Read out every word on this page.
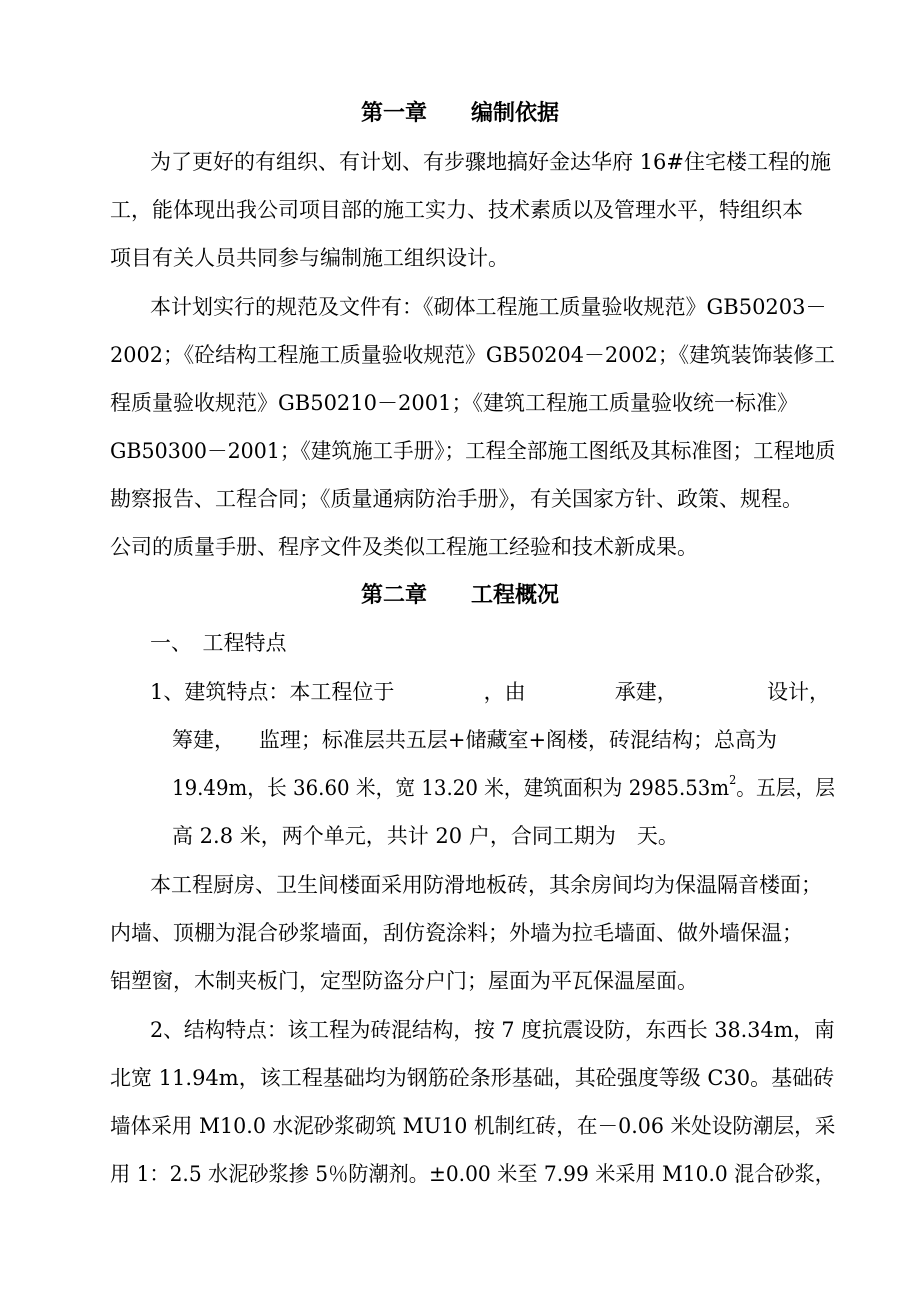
第一章　　编制依据
为了更好的有组织、有计划、有步骤地搞好金达华府 16#住宅楼工程的施
工，能体现出我公司项目部的施工实力、技术素质以及管理水平，特组织本
项目有关人员共同参与编制施工组织设计。
本计划实行的规范及文件有：《砌体工程施工质量验收规范》GB50203－
2002；《砼结构工程施工质量验收规范》GB50204－2002；《建筑装饰装修工
程质量验收规范》GB50210－2001；《建筑工程施工质量验收统一标准》
GB50300－2001；《建筑施工手册》；工程全部施工图纸及其标准图；工程地质
勘察报告、工程合同；《质量通病防治手册》，有关国家方针、政策、规程。
公司的质量手册、程序文件及类似工程施工经验和技术新成果。
第二章　　工程概况
一、　工程特点
1、建筑特点：本工程位于	，由	承建，	设计，
筹建，　  监理；标准层共五层+储藏室+阁楼，砖混结构；总高为
19.49m，长 36.60 米，宽 13.20 米，建筑面积为 $2985.53m^2$。五层，层
高 2.8 米，两个单元，共计 20 户，合同工期为　天。
本工程厨房、卫生间楼面采用防滑地板砖，其余房间均为保温隔音楼面；
内墙、顶棚为混合砂浆墙面，刮仿瓷涂料；外墙为拉毛墙面、做外墙保温；
铝塑窗，木制夹板门，定型防盗分户门；屋面为平瓦保温屋面。
2、结构特点：该工程为砖混结构，按 7 度抗震设防，东西长 38.34m，南
北宽 11.94m，该工程基础均为钢筋砼条形基础，其砼强度等级 C30。基础砖
墙体采用 M10.0 水泥砂浆砌筑 MU10 机制红砖，在－0.06 米处设防潮层，采
用 1：2.5 水泥砂浆掺 5％防潮剂。±0.00 米至 7.99 米采用 M10.0 混合砂浆，
